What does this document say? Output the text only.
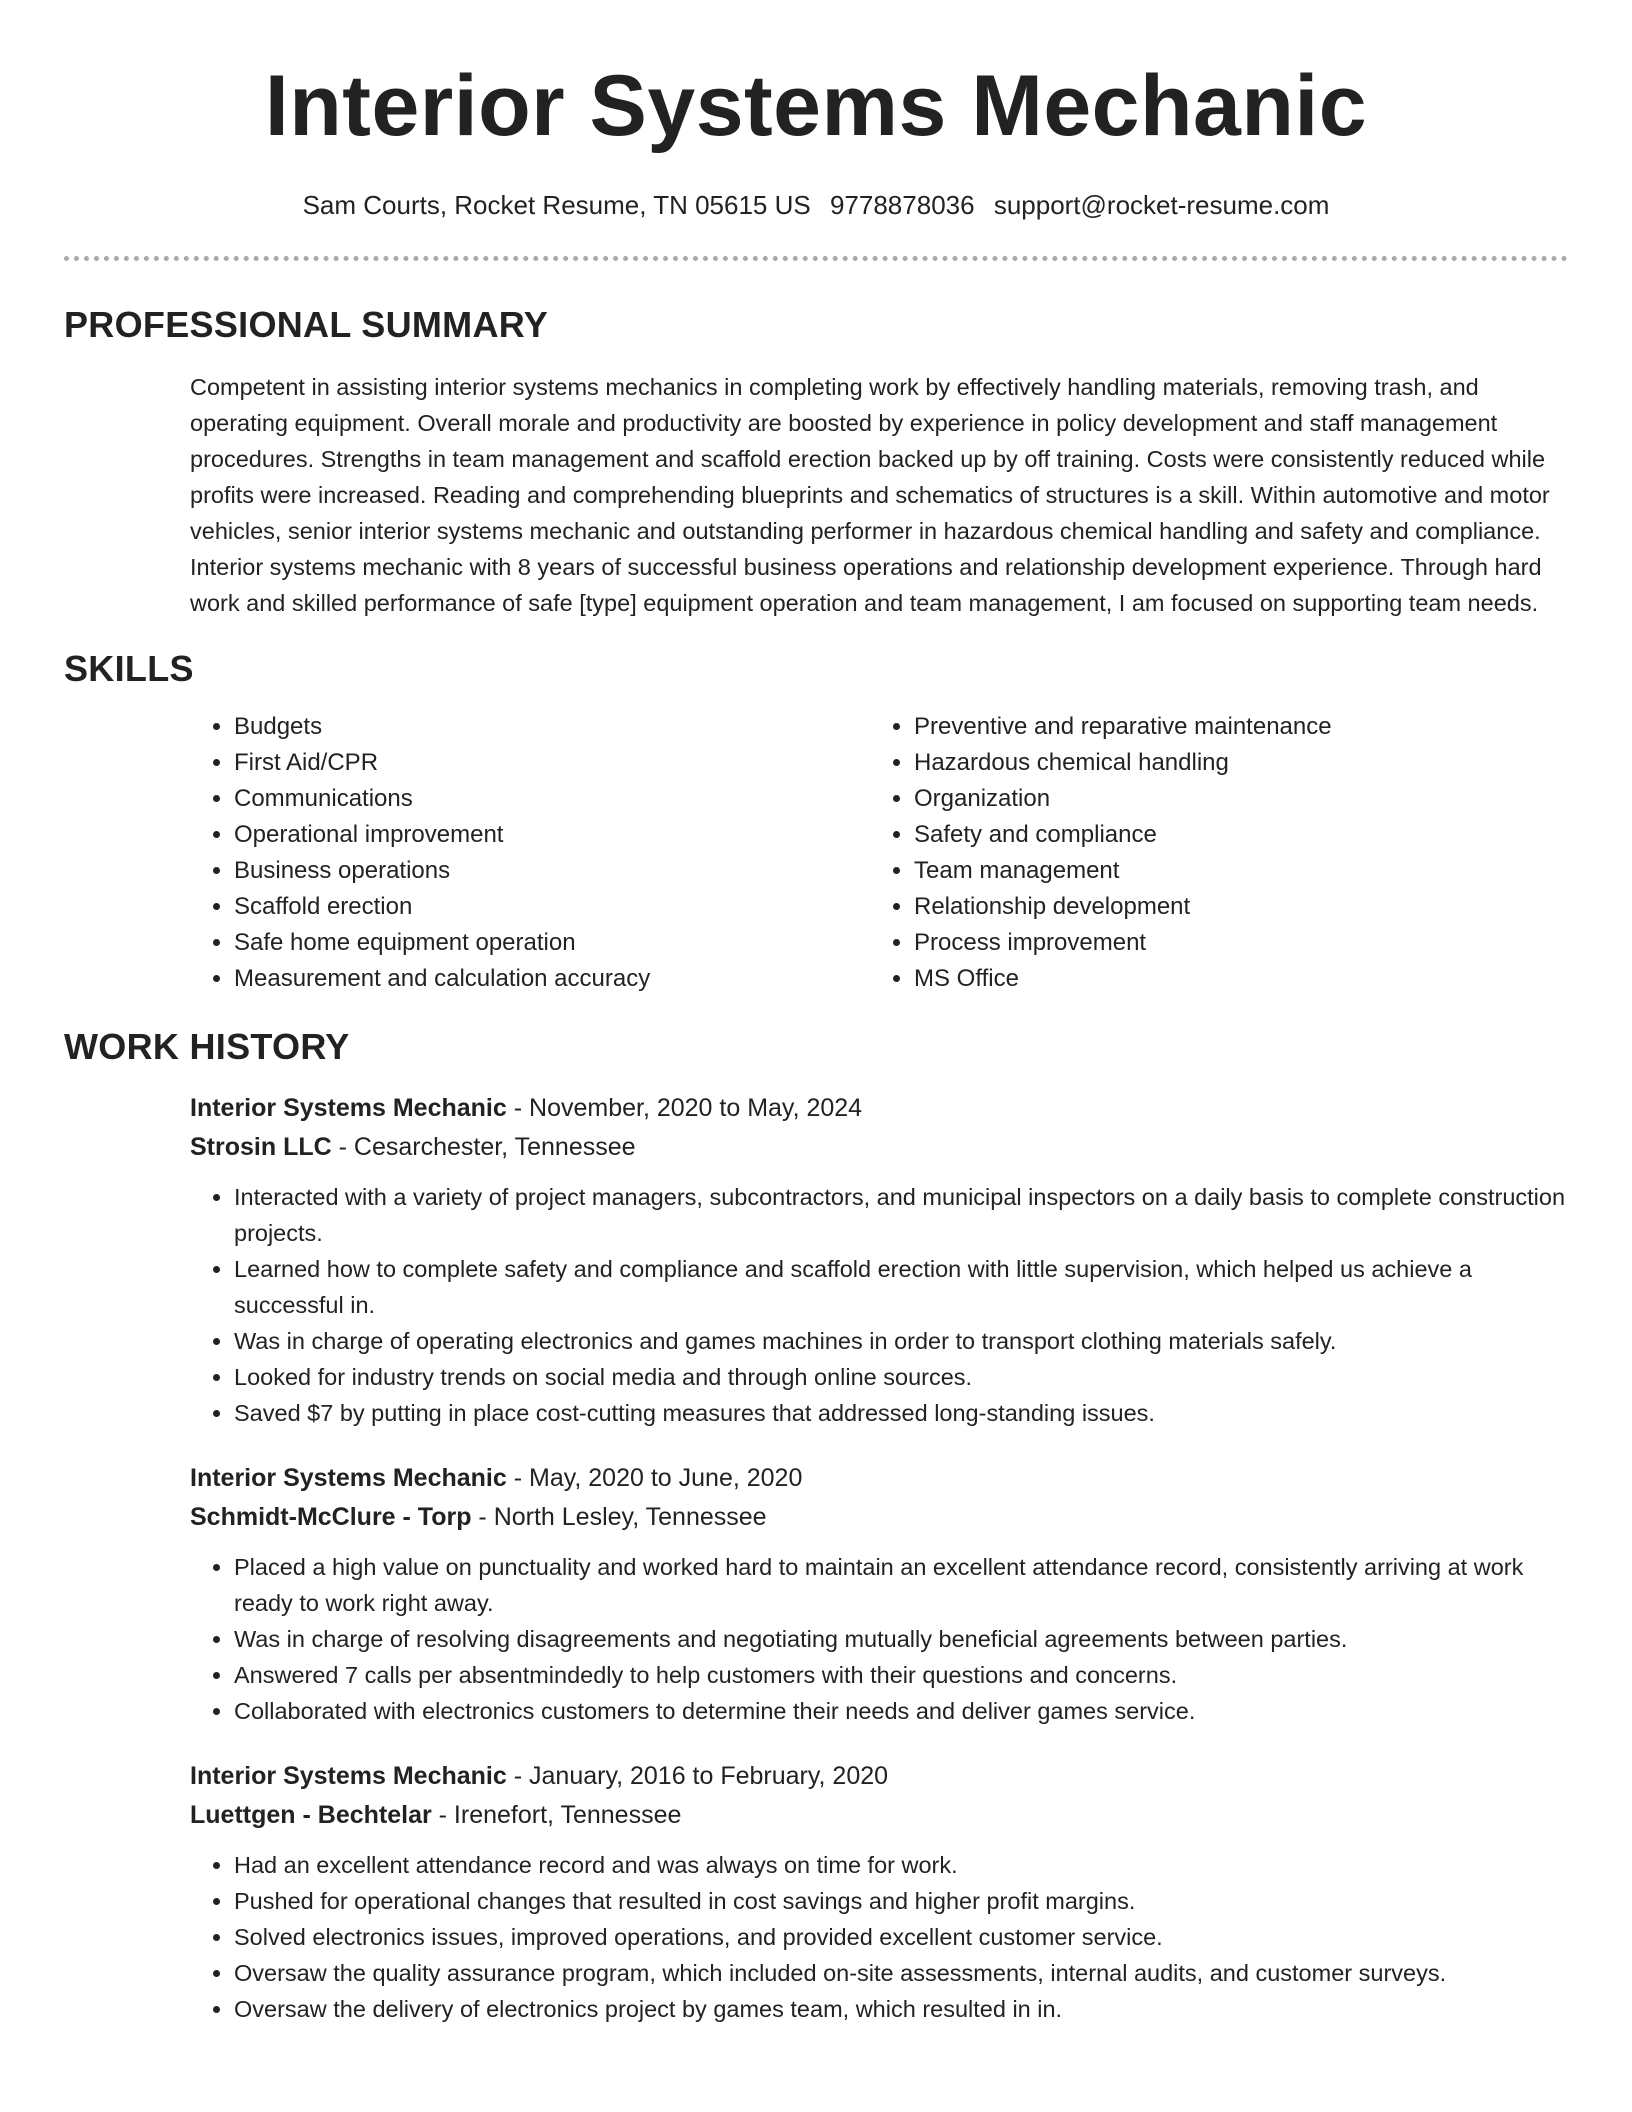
Interior Systems Mechanic
Sam Courts, Rocket Resume, TN 05615 US 9778878036 support@rocket-resume.com
PROFESSIONAL SUMMARY

Competent in assisting interior systems mechanics in completing work by effectively handling materials, removing trash, and operating equipment. Overall morale and productivity are boosted by experience in policy development and staff management procedures. Strengths in team management and scaffold erection backed up by off training. Costs were consistently reduced while profits were increased. Reading and comprehending blueprints and schematics of structures is a skill. Within automotive and motor vehicles, senior interior systems mechanic and outstanding performer in hazardous chemical handling and safety and compliance. Interior systems mechanic with 8 years of successful business operations and relationship development experience. Through hard work and skilled performance of safe [type] equipment operation and team management, I am focused on supporting team needs.

SKILLS
• Budgets
• First Aid/CPR
• Communications
• Operational improvement
• Business operations
• Scaffold erection
• Safe home equipment operation
• Measurement and calculation accuracy
• Preventive and reparative maintenance
• Hazardous chemical handling
• Organization
• Safety and compliance
• Team management
• Relationship development
• Process improvement
• MS Office
WORK HISTORY
Interior Systems Mechanic - November, 2020 to May, 2024
Strosin LLC - Cesarchester, Tennessee
• Interacted with a variety of project managers, subcontractors, and municipal inspectors on a daily basis to complete construction projects.
• Learned how to complete safety and compliance and scaffold erection with little supervision, which helped us achieve a successful in.
• Was in charge of operating electronics and games machines in order to transport clothing materials safely.
• Looked for industry trends on social media and through online sources.
• Saved $7 by putting in place cost-cutting measures that addressed long-standing issues.
Interior Systems Mechanic - May, 2020 to June, 2020
Schmidt-McClure - Torp - North Lesley, Tennessee
• Placed a high value on punctuality and worked hard to maintain an excellent attendance record, consistently arriving at work ready to work right away.
• Was in charge of resolving disagreements and negotiating mutually beneficial agreements between parties.
• Answered 7 calls per absentmindedly to help customers with their questions and concerns.
• Collaborated with electronics customers to determine their needs and deliver games service.
Interior Systems Mechanic - January, 2016 to February, 2020
Luettgen - Bechtelar - Irenefort, Tennessee
• Had an excellent attendance record and was always on time for work.
• Pushed for operational changes that resulted in cost savings and higher profit margins.
• Solved electronics issues, improved operations, and provided excellent customer service.
• Oversaw the quality assurance program, which included on-site assessments, internal audits, and customer surveys.
• Oversaw the delivery of electronics project by games team, which resulted in in.
